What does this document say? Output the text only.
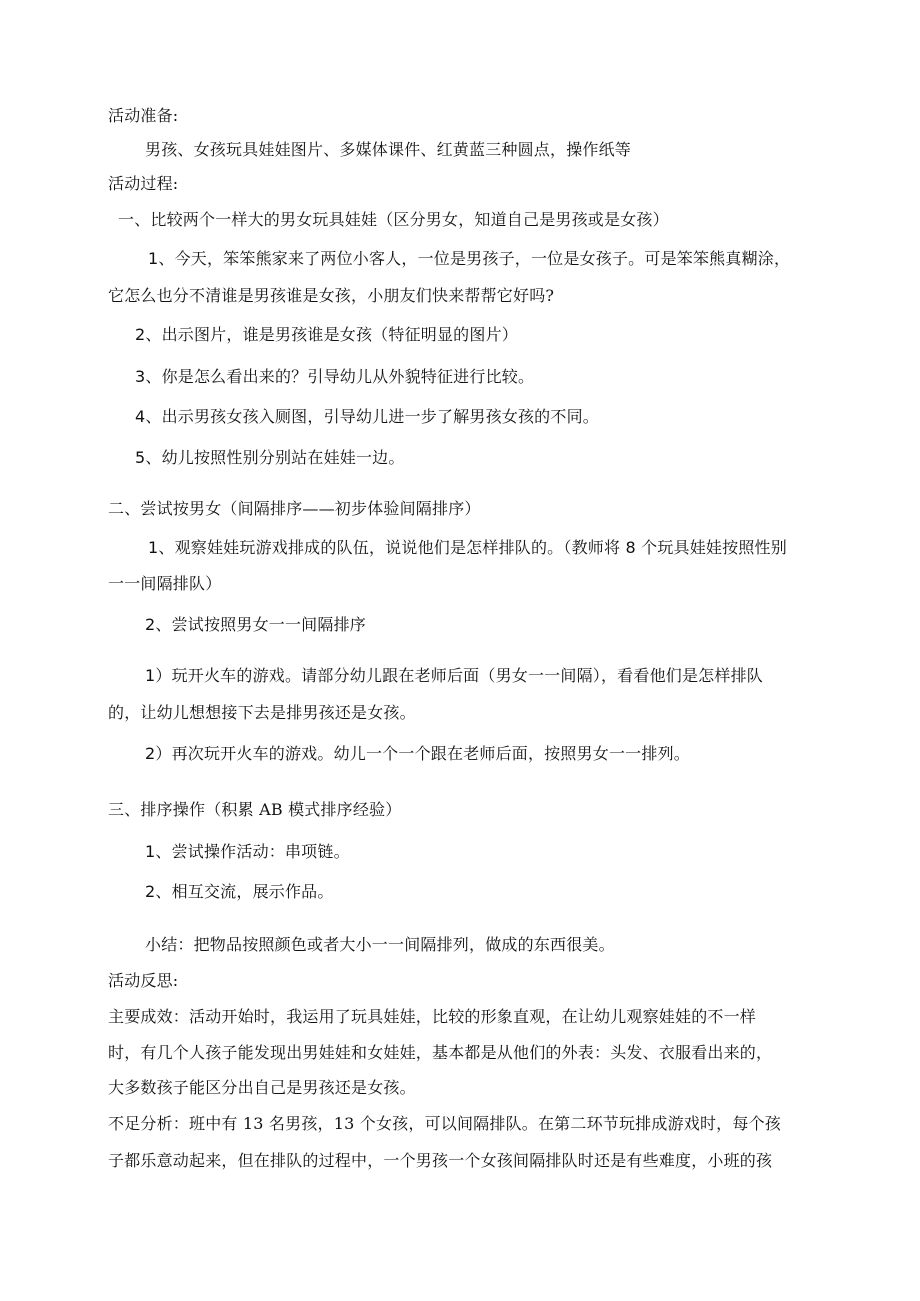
活动准备:
男孩、女孩玩具娃娃图片、多媒体课件、红黄蓝三种圆点，操作纸等
活动过程:
一、比较两个一样大的男女玩具娃娃（区分男女，知道自己是男孩或是女孩）
1、今天，笨笨熊家来了两位小客人，一位是男孩子，一位是女孩子。可是笨笨熊真糊涂，
它怎么也分不清谁是男孩谁是女孩，小朋友们快来帮帮它好吗?
2、出示图片，谁是男孩谁是女孩（特征明显的图片）
3、你是怎么看出来的？引导幼儿从外貌特征进行比较。
4、出示男孩女孩入厕图，引导幼儿进一步了解男孩女孩的不同。
5、幼儿按照性别分别站在娃娃一边。
二、尝试按男女（间隔排序——初步体验间隔排序）
1、观察娃娃玩游戏排成的队伍，说说他们是怎样排队的。（教师将 8 个玩具娃娃按照性别
一一间隔排队）
2、尝试按照男女一一间隔排序
1）玩开火车的游戏。请部分幼儿跟在老师后面（男女一一间隔），看看他们是怎样排队
的，让幼儿想想接下去是排男孩还是女孩。
2）再次玩开火车的游戏。幼儿一个一个跟在老师后面，按照男女一一排列。
三、排序操作（积累 AB 模式排序经验）
1、尝试操作活动：串项链。
2、相互交流，展示作品。
小结：把物品按照颜色或者大小一一间隔排列，做成的东西很美。
活动反思:
主要成效：活动开始时，我运用了玩具娃娃，比较的形象直观，在让幼儿观察娃娃的不一样
时，有几个人孩子能发现出男娃娃和女娃娃，基本都是从他们的外表：头发、衣服看出来的，
大多数孩子能区分出自己是男孩还是女孩。
不足分析：班中有 13 名男孩，13 个女孩，可以间隔排队。在第二环节玩排成游戏时，每个孩
子都乐意动起来，但在排队的过程中，一个男孩一个女孩间隔排队时还是有些难度，小班的孩
